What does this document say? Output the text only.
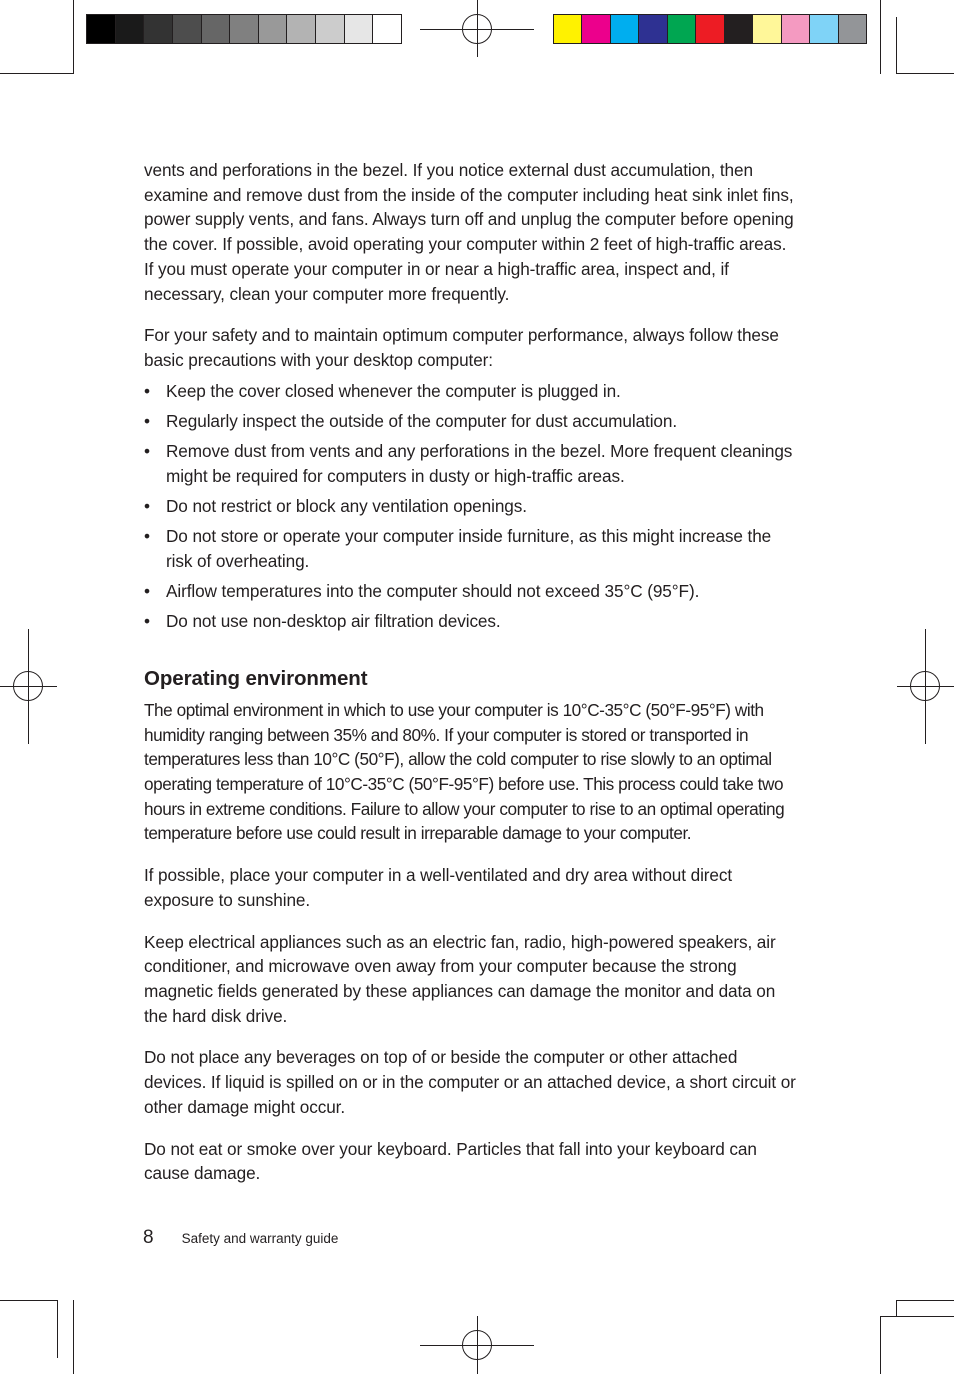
vents and perforations in the bezel. If you notice external dust accumulation, then examine and remove dust from the inside of the computer including heat sink inlet fins, power supply vents, and fans. Always turn off and unplug the computer before opening the cover. If possible, avoid operating your computer within 2 feet of high-traffic areas. If you must operate your computer in or near a high-traffic area, inspect and, if necessary, clean your computer more frequently.

For your safety and to maintain optimum computer performance, always follow these basic precautions with your desktop computer:

• Keep the cover closed whenever the computer is plugged in.
• Regularly inspect the outside of the computer for dust accumulation.
• Remove dust from vents and any perforations in the bezel. More frequent cleanings might be required for computers in dusty or high-traffic areas.
• Do not restrict or block any ventilation openings.
• Do not store or operate your computer inside furniture, as this might increase the risk of overheating.
• Airflow temperatures into the computer should not exceed 35°C (95°F).
• Do not use non-desktop air filtration devices.
Operating environment

The optimal environment in which to use your computer is 10°C-35°C (50°F-95°F) with humidity ranging between 35% and 80%. If your computer is stored or transported in temperatures less than 10°C (50°F), allow the cold computer to rise slowly to an optimal operating temperature of 10°C-35°C (50°F-95°F) before use. This process could take two hours in extreme conditions. Failure to allow your computer to rise to an optimal operating temperature before use could result in irreparable damage to your computer.

If possible, place your computer in a well-ventilated and dry area without direct exposure to sunshine.

Keep electrical appliances such as an electric fan, radio, high-powered speakers, air conditioner, and microwave oven away from your computer because the strong magnetic fields generated by these appliances can damage the monitor and data on the hard disk drive.

Do not place any beverages on top of or beside the computer or other attached devices. If liquid is spilled on or in the computer or an attached device, a short circuit or other damage might occur.

Do not eat or smoke over your keyboard. Particles that fall into your keyboard can cause damage.

8 Safety and warranty guide
